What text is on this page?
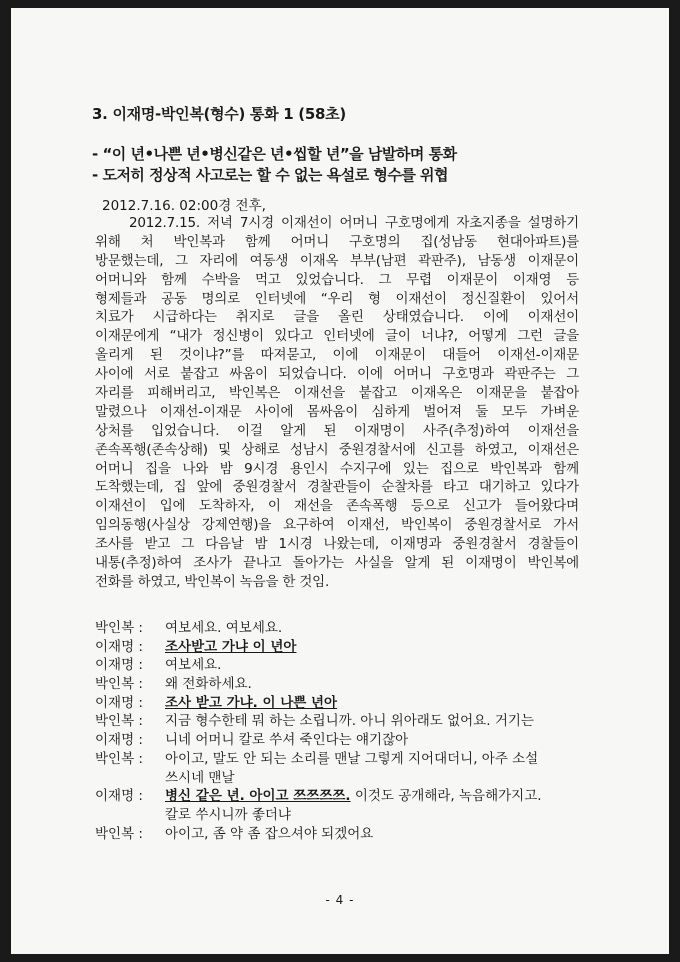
3. 이재명-박인복(형수) 통화 1 (58초)
- “이 년•나쁜 년•병신같은 년•씹할 년”을 남발하며 통화
- 도저히 정상적 사고로는 할 수 없는 욕설로 형수를 위협
2012.7.16. 02:00경 전후,
2012.7.15. 저녁 7시경 이재선이 어머니 구호명에게 자초지종을 설명하기
위해 처 박인복과 함께 어머니 구호명의 집(성남동 현대아파트)를
방문했는데, 그 자리에 여동생 이재옥 부부(남편 곽판주), 남동생 이재문이
어머니와 함께 수박을 먹고 있었습니다. 그 무렵 이재문이 이재영 등
형제들과 공동 명의로 인터넷에 “우리 형 이재선이 정신질환이 있어서
치료가 시급하다는 취지로 글을 올린 상태였습니다. 이에 이재선이
이재문에게 “내가 정신병이 있다고 인터넷에 글이 너냐?, 어떻게 그런 글을
올리게 된 것이냐?”를 따져묻고, 이에 이재문이 대들어 이재선-이재문
사이에 서로 붙잡고 싸움이 되었습니다. 이에 어머니 구호명과 곽판주는 그
자리를 피해버리고, 박인복은 이재선을 붙잡고 이재옥은 이재문을 붙잡아
말렸으나 이재선-이재문 사이에 몸싸움이 심하게 벌어져 둘 모두 가벼운
상처를 입었습니다. 이걸 알게 된 이재명이 사주(추정)하여 이재선을
존속폭행(존속상해) 및 상해로 성남시 중원경찰서에 신고를 하였고, 이재선은
어머니 집을 나와 밤 9시경 용인시 수지구에 있는 집으로 박인복과 함께
도착했는데, 집 앞에 중원경찰서 경찰관들이 순찰차를 타고 대기하고 있다가
이재선이 입에 도착하자, 이 재선을 존속폭행 등으로 신고가 들어왔다며
임의동행(사실상 강제연행)을 요구하여 이재선, 박인복이 중원경찰서로 가서
조사를 받고 그 다음날 밤 1시경 나왔는데, 이재명과 중원경찰서 경찰들이
내통(추정)하여 조사가 끝나고 돌아가는 사실을 알게 된 이재명이 박인복에
전화를 하였고, 박인복이 녹음을 한 것임.
박인복 :	여보세요. 여보세요.
이재명 :	조사받고 가냐 이 년아
이재명 :	여보세요.
박인복 :	왜 전화하세요.
이재명 :	조사 받고 가냐. 이 나쁜 년아
박인복 :	지금 형수한테 뭐 하는 소립니까. 아니 위아래도 없어요. 거기는
이재명 :	니네 어머니 칼로 쑤셔 죽인다는 얘기잖아
박인복 :	아이고, 말도 안 되는 소리를 맨날 그렇게 지어대더니, 아주 소설
쓰시네 맨날
이재명 :	병신 같은 년. 아이고 쯔쯔쯔쯔. 이것도 공개해라, 녹음해가지고.
칼로 쑤시니까 좋더냐
박인복 :	아이고, 좀 약 좀 잡으셔야 되겠어요
- 4 -
